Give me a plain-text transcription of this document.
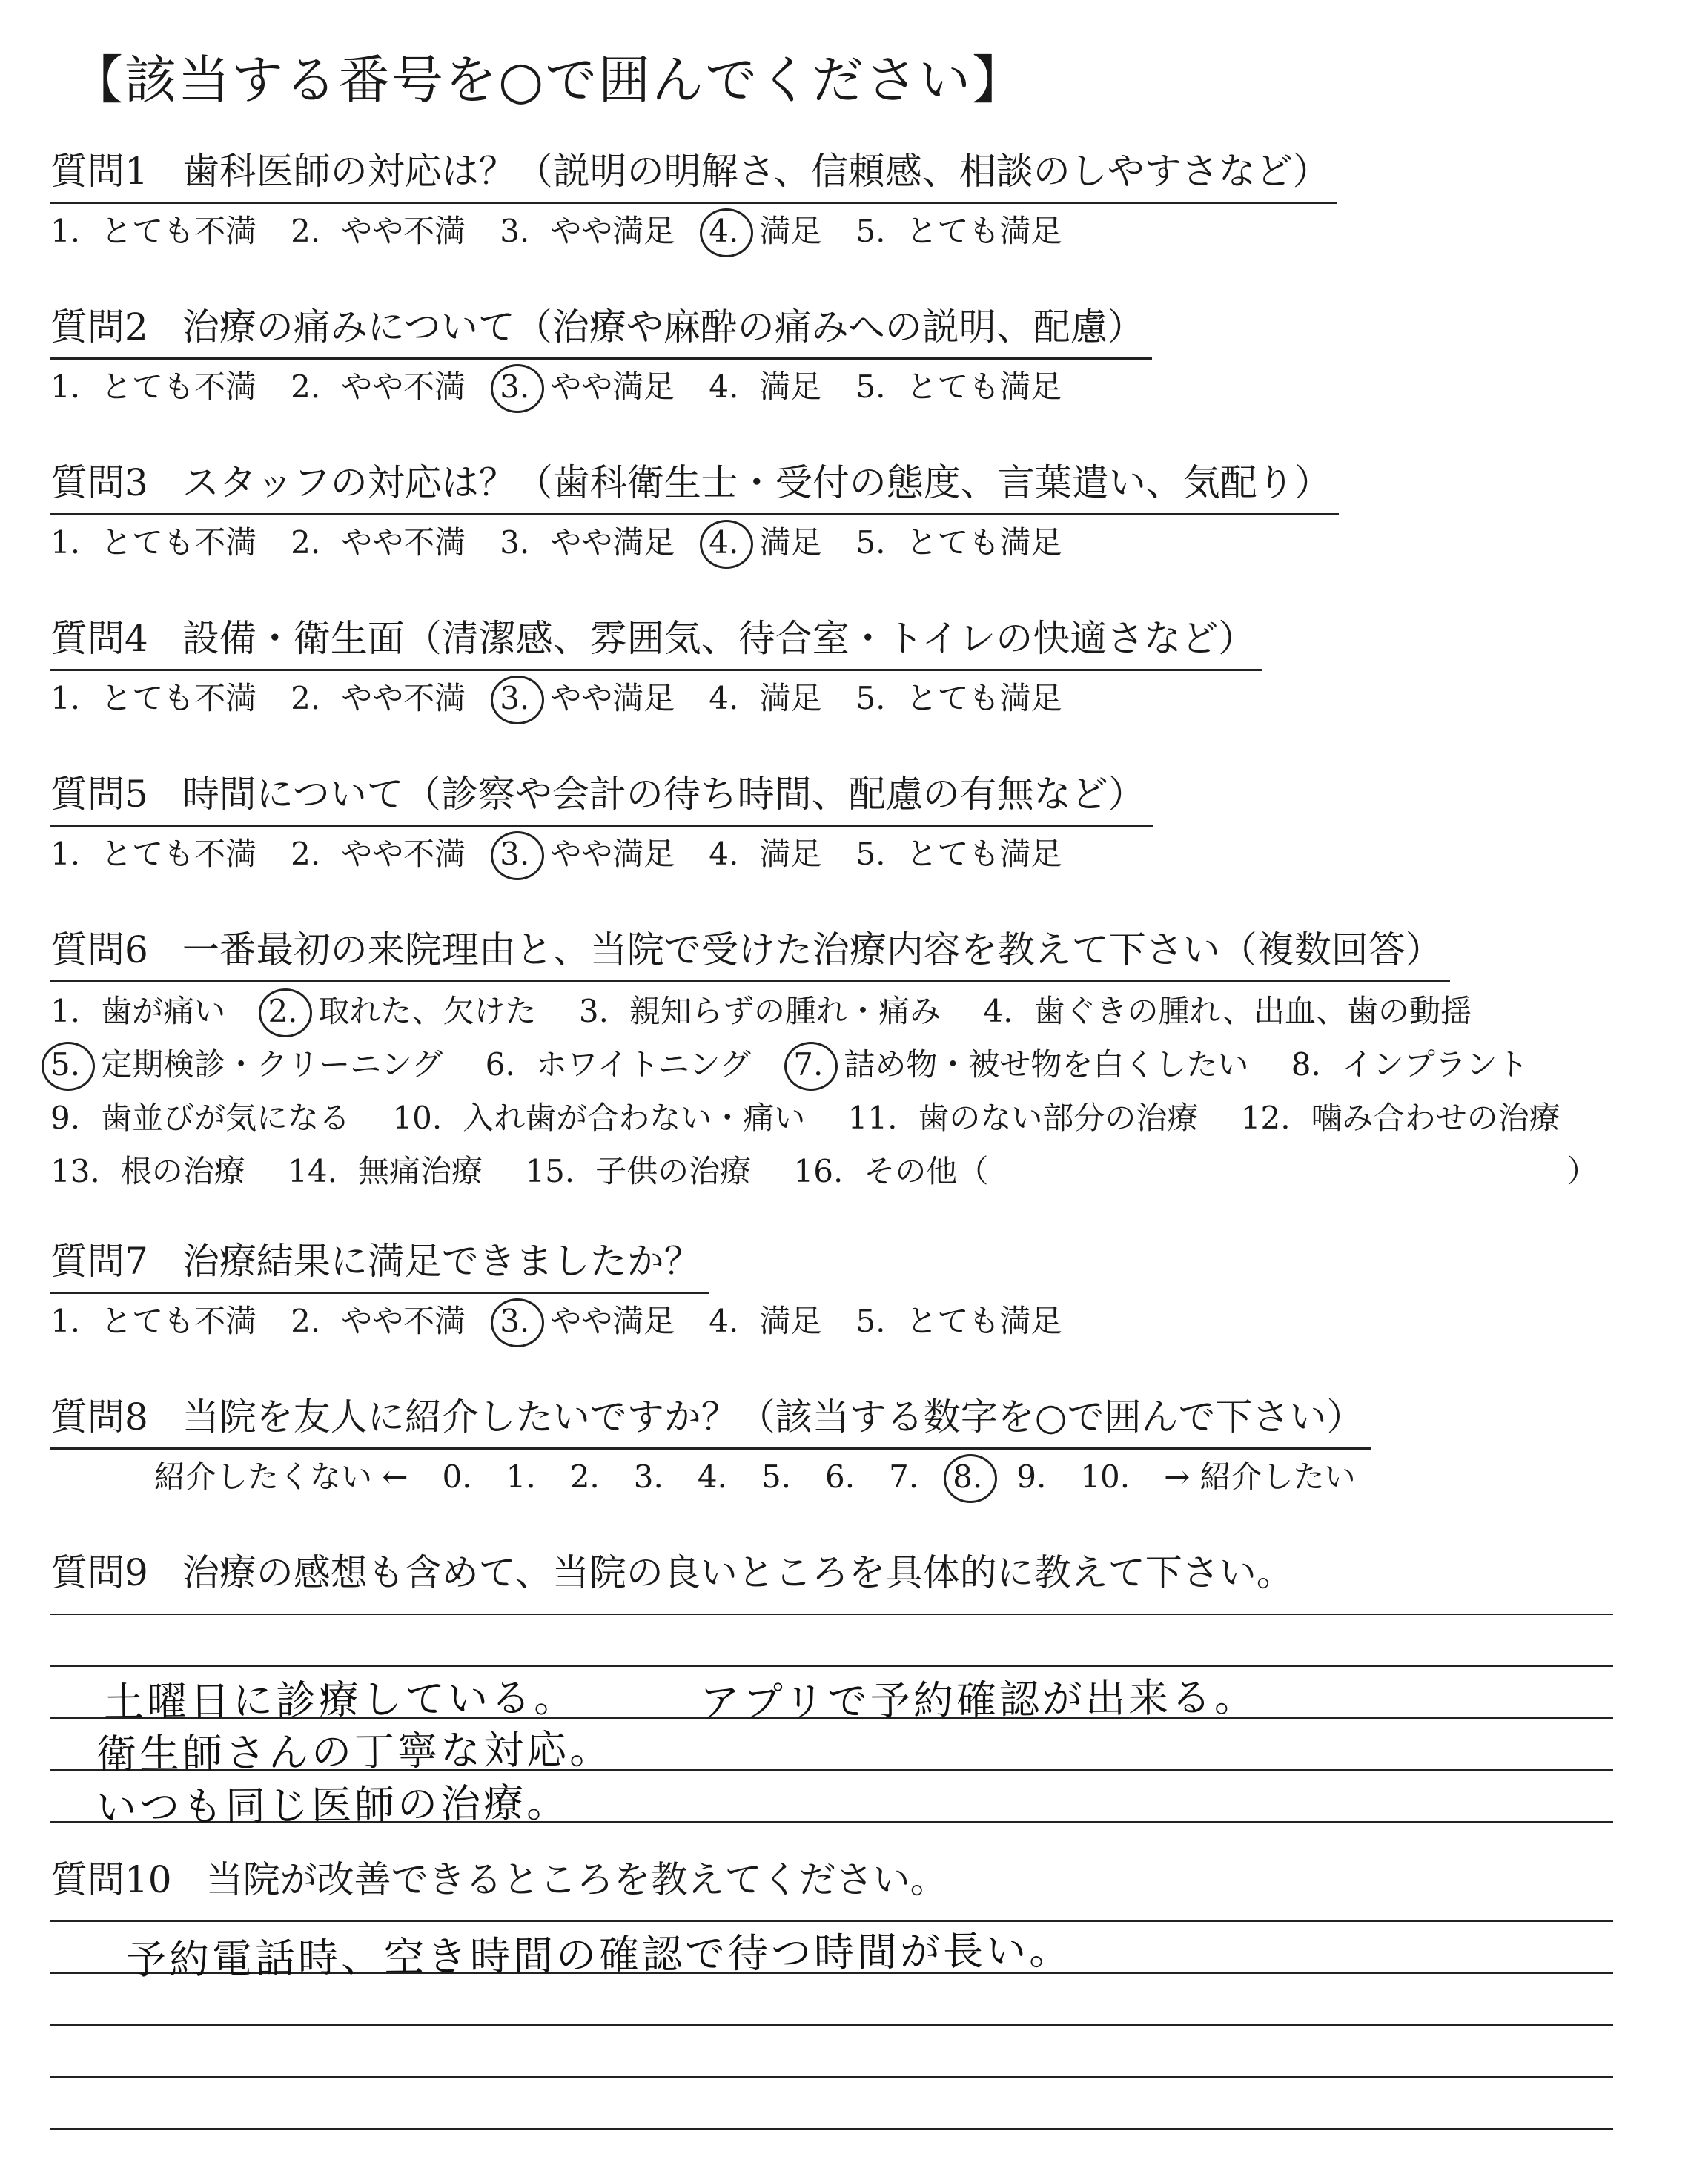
【該当する番号を○で囲んでください】
質問1 歯科医師の対応は？（説明の明解さ、信頼感、相談のしやすさなど）
1. とても不満 2. やや不満 3. やや満足 4. 満足 5. とても満足
質問2 治療の痛みについて（治療や麻酔の痛みへの説明、配慮）
1. とても不満 2. やや不満 3. やや満足 4. 満足 5. とても満足
質問3 スタッフの対応は？（歯科衛生士・受付の態度、言葉遣い、気配り）
1. とても不満 2. やや不満 3. やや満足 4. 満足 5. とても満足
質問4 設備・衛生面（清潔感、雰囲気、待合室・トイレの快適さなど）
1. とても不満 2. やや不満 3. やや満足 4. 満足 5. とても満足
質問5 時間について（診察や会計の待ち時間、配慮の有無など）
1. とても不満 2. やや不満 3. やや満足 4. 満足 5. とても満足
質問6 一番最初の来院理由と、当院で受けた治療内容を教えて下さい（複数回答）
1. 歯が痛い
2. 取れた、欠けた
3. 親知らずの腫れ・痛み
4. 歯ぐきの腫れ、出血、歯の動揺
5. 定期検診・クリーニング
6. ホワイトニング
7. 詰め物・被せ物を白くしたい
8. インプラント
9. 歯並びが気になる
10. 入れ歯が合わない・痛い
11. 歯のない部分の治療
12. 噛み合わせの治療
13. 根の治療
14. 無痛治療
15. 子供の治療
16. その他（	）
質問7 治療結果に満足できましたか？
1. とても不満 2. やや不満 3. やや満足 4. 満足 5. とても満足
質問8 当院を友人に紹介したいですか？（該当する数字を○で囲んで下さい）
紹介したくない ← 0. 1. 2. 3. 4. 5. 6. 7. 8. 9. 10. → 紹介したい
質問9 治療の感想も含めて、当院の良いところを具体的に教えて下さい。
土曜日に診療している。	アプリで予約確認が出来る。
衛生師さんの丁寧な対応。
いつも同じ医師の治療。
質問10 当院が改善できるところを教えてください。
予約電話時、空き時間の確認で待つ時間が長い。
